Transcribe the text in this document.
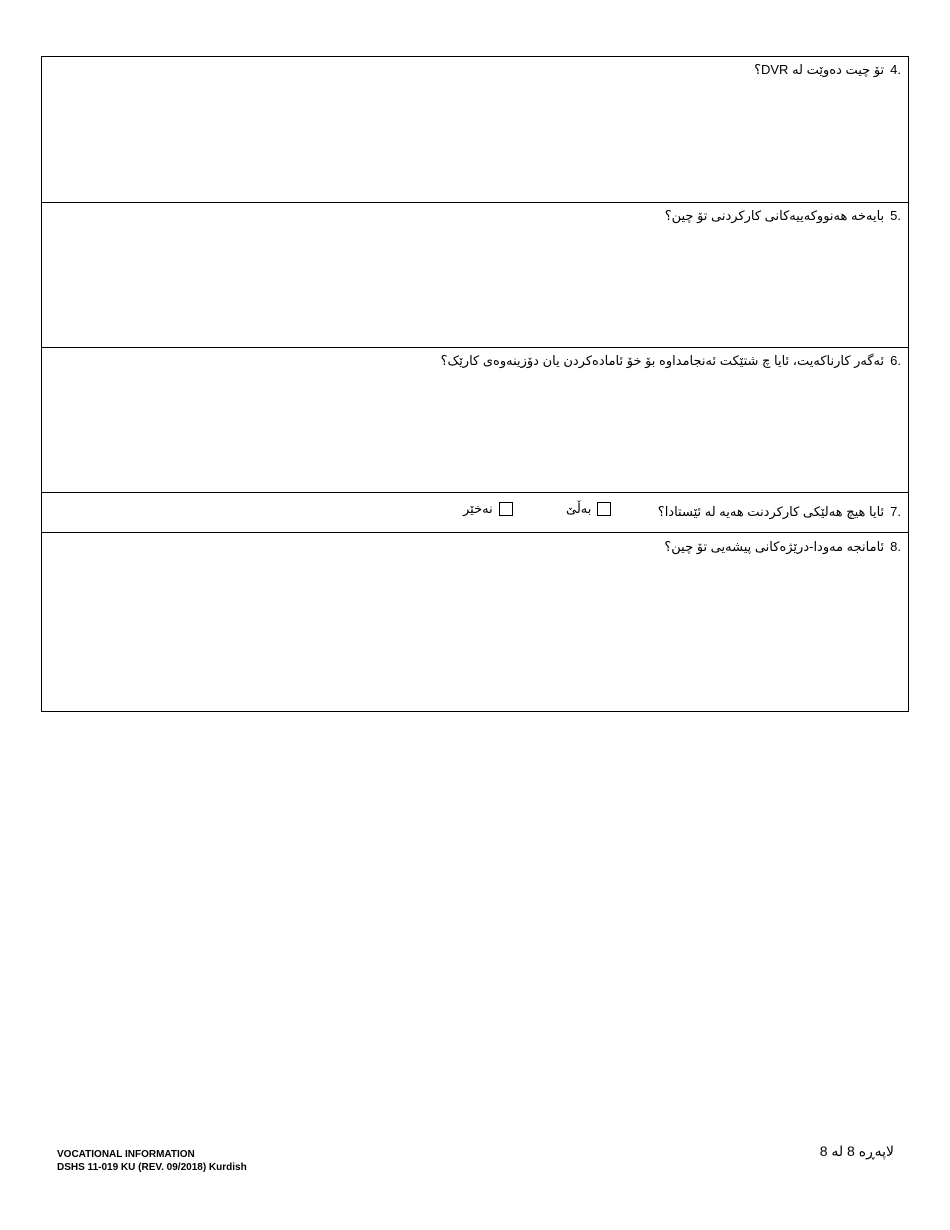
4.
تۆ چیت دەوێت لە DVR؟
5.
بایەخە هەنووکەییەکانی کارکردنی تۆ چین؟
6.
ئەگەر کارناکەیت، ئایا چ شتێکت ئەنجامداوە بۆ خۆ ئامادەکردن یان دۆزینەوەی کارێک؟
7.
ئایا هیچ هەلێکی کارکردنت هەیە لە ئێستادا؟
بەڵێ
نەخێر
8.
ئامانجە مەودا-درێژەکانی پیشەیی تۆ چین؟
VOCATIONAL INFORMATION
DSHS 11-019 KU (REV. 09/2018) Kurdish
لاپەڕە 8 لە 8
